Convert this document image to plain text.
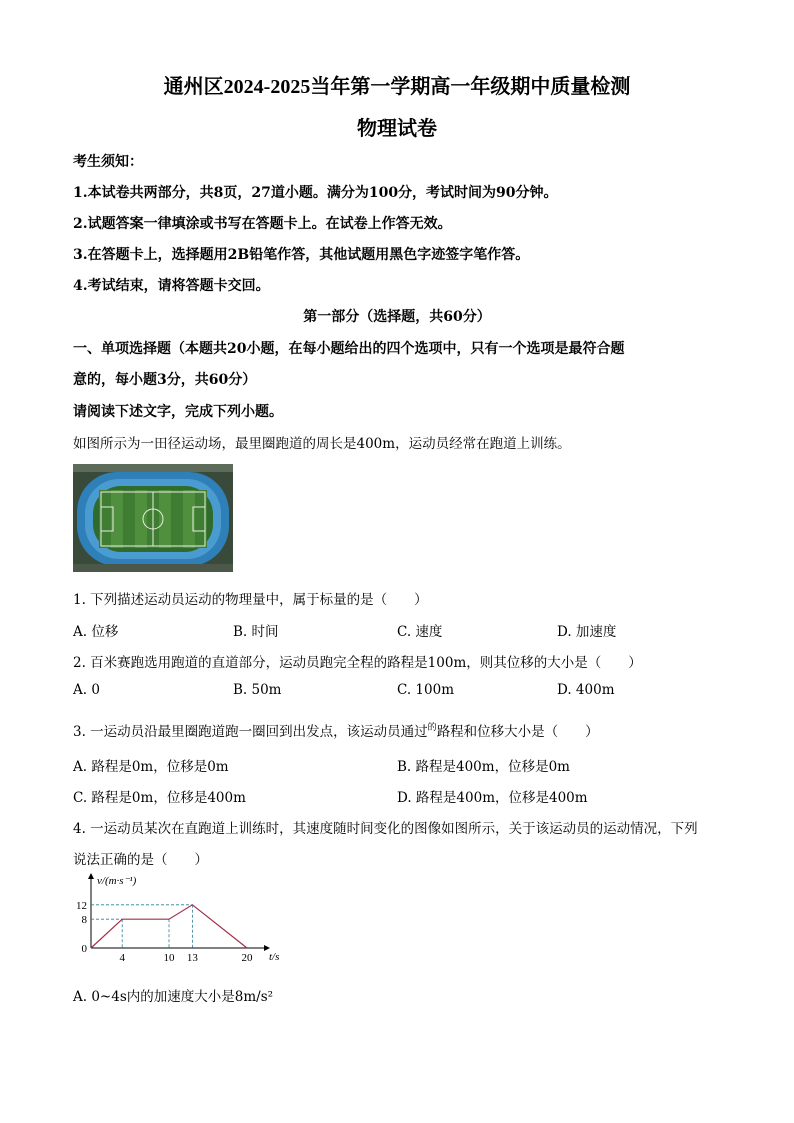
通州区2024-2025当年第一学期高一年级期中质量检测
物理试卷
考生须知：
1.本试卷共两部分，共8页，27道小题。满分为100分，考试时间为90分钟。
2.试题答案一律填涂或书写在答题卡上。在试卷上作答无效。
3.在答题卡上，选择题用2B铅笔作答，其他试题用黑色字迹签字笔作答。
4.考试结束，请将答题卡交回。
第一部分（选择题，共60分）
一、单项选择题（本题共20小题，在每小题给出的四个选项中，只有一个选项是最符合题
意的，每小题3分，共60分）
请阅读下述文字，完成下列小题。
如图所示为一田径运动场，最里圈跑道的周长是400m，运动员经常在跑道上训练。
1. 下列描述运动员运动的物理量中，属于标量的是（　　）
A. 位移	B. 时间	C. 速度	D. 加速度
2. 百米赛跑选用跑道的直道部分，运动员跑完全程的路程是100m，则其位移的大小是（　　）
A. 0	B. 50m	C. 100m	D. 400m
3. 一运动员沿最里圈跑道跑一圈回到出发点，该运动员通过$^的$路程和位移大小是（　　）
A. 路程是0m，位移是0m	B. 路程是400m，位移是0m
C. 路程是0m，位移是400m	D. 路程是400m，位移是400m
4. 一运动员某次在直跑道上训练时，其速度随时间变化的图像如图所示，关于该运动员的运动情况，下列
说法正确的是（　　）
v/(m·s⁻¹)
t/s
4	10 13	20
12
8
0
A. 0~4s内的加速度大小是8m/s²
